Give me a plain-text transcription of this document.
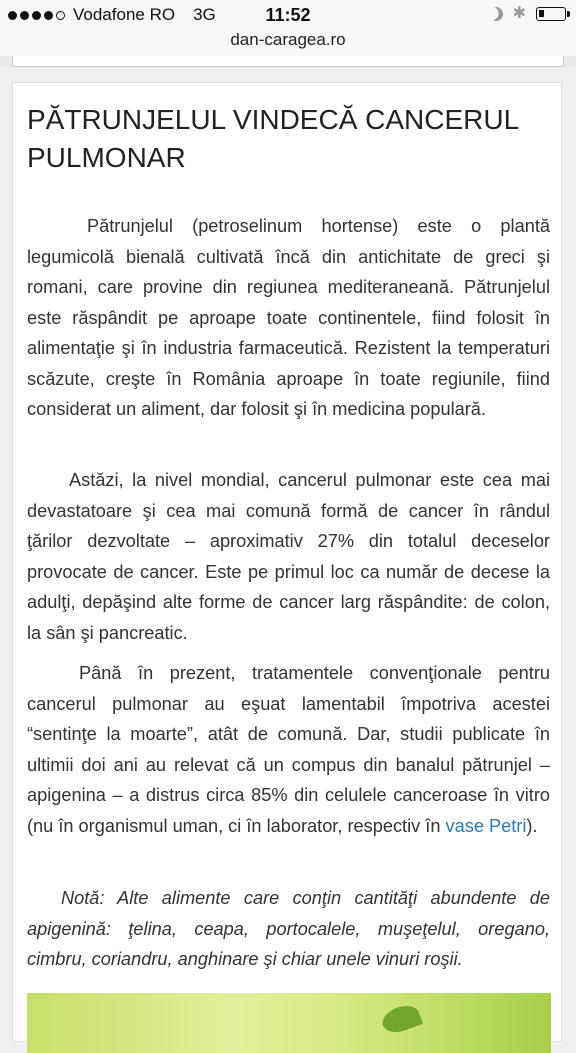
Vodafone RO 3G	11:52	✱
dan-caragea.ro
PĂTRUNJELUL VINDECĂ CANCERUL PULMONAR

Pătrunjelul (petroselinum hortense) este o plantă legumicolă bienală cultivată încă din antichitate de greci şi romani, care provine din regiunea mediteraneană. Pătrunjelul este răspândit pe aproape toate continentele, fiind folosit în alimentaţie şi în industria farmaceutică. Rezistent la temperaturi scăzute, creşte în România aproape în toate regiunile, fiind considerat un aliment, dar folosit şi în medicina populară.

Astăzi, la nivel mondial, cancerul pulmonar este cea mai devastatoare şi cea mai comună formă de cancer în rândul ţărilor dezvoltate – aproximativ 27% din totalul deceselor provocate de cancer. Este pe primul loc ca număr de decese la adulţi, depăşind alte forme de cancer larg răspândite: de colon, la sân şi pancreatic.

Până în prezent, tratamentele convenţionale pentru cancerul pulmonar au eşuat lamentabil împotriva acestei “sentinţe la moarte”, atât de comună. Dar, studii publicate în ultimii doi ani au relevat că un compus din banalul pătrunjel – apigenina – a distrus circa 85% din celulele canceroase în vitro (nu în organismul uman, ci în laborator, respectiv în vase Petri).

Notă: Alte alimente care conţin cantităţi abundente de apigenină: ţelina, ceapa, portocalele, muşeţelul, oregano, cimbru, coriandru, anghinare şi chiar unele vinuri roşii.
